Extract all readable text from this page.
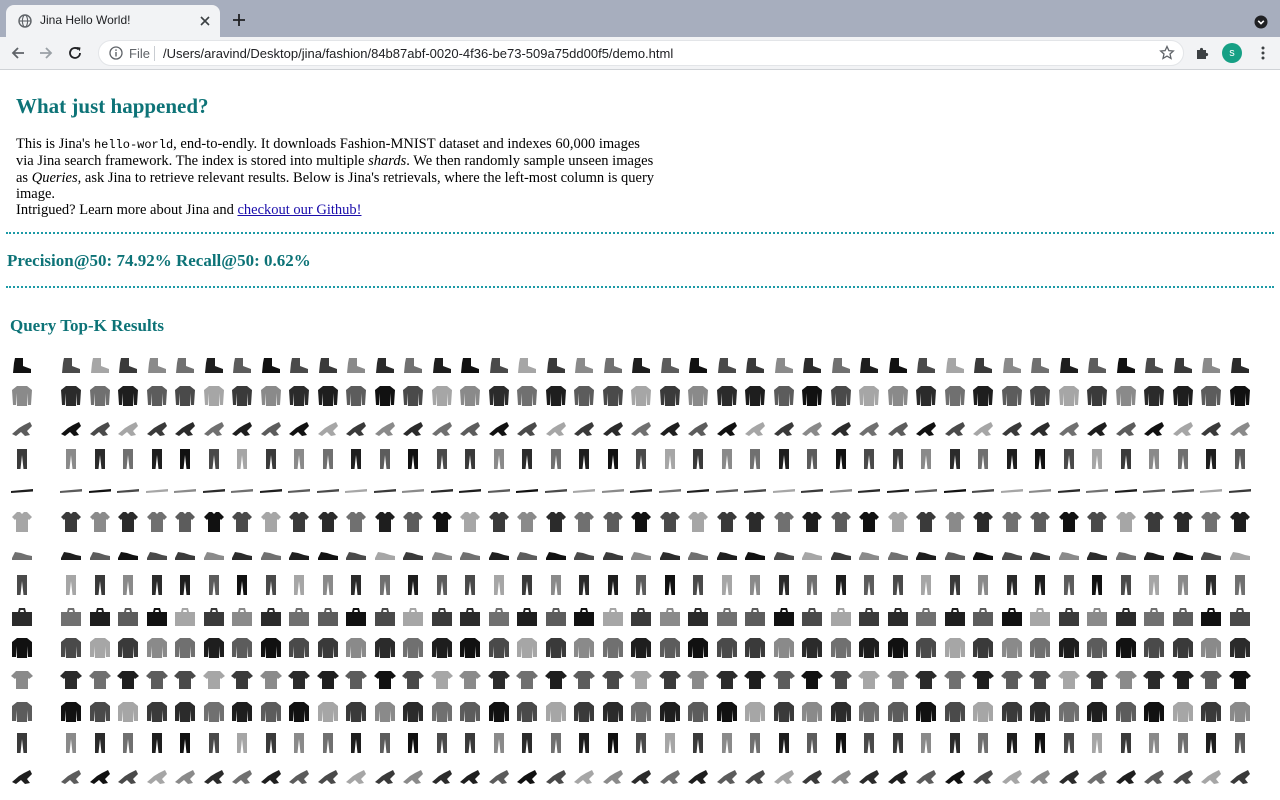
Jina Hello World!
File /Users/aravind/Desktop/jina/fashion/84b87abf-0020-4f36-be73-509a75dd00f5/demo.html	s
What just happened?

This is Jina's hello-world, end-to-endly. It downloads Fashion-MNIST dataset and indexes 60,000 images via Jina search framework. The index is stored into multiple shards. We then randomly sample unseen images as Queries, ask Jina to retrieve relevant results. Below is Jina's retrievals, where the left-most column is query image.
Intrigued? Learn more about Jina and checkout our Github!

Precision@50: 74.92% Recall@50: 0.62%
Query Top-K Results
